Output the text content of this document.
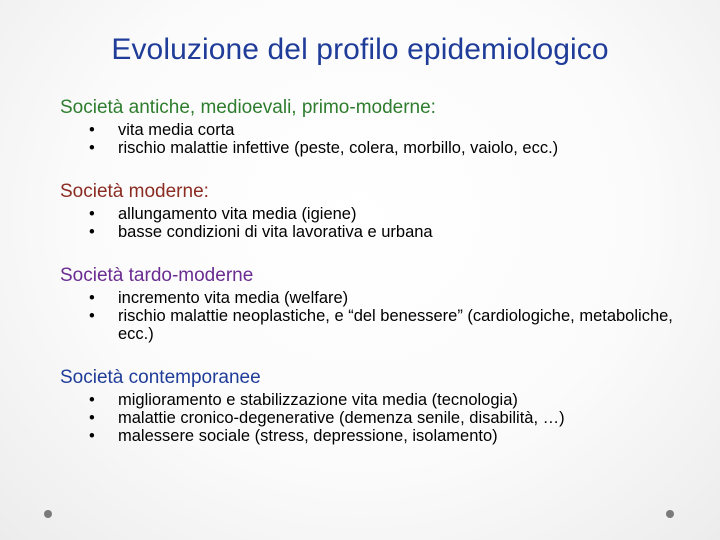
Evoluzione del profilo epidemiologico

Società antiche, medioevali, primo-moderne:

• vita media corta
• rischio malattie infettive (peste, colera, morbillo, vaiolo, ecc.)

Società moderne:

• allungamento vita media (igiene)
• basse condizioni di vita lavorativa e urbana

Società tardo-moderne

• incremento vita media (welfare)
• rischio malattie neoplastiche, e “del benessere” (cardiologiche, metaboliche, ecc.)

Società contemporanee

• miglioramento e stabilizzazione vita media (tecnologia)
• malattie cronico-degenerative (demenza senile, disabilità, …)
• malessere sociale (stress, depressione, isolamento)
